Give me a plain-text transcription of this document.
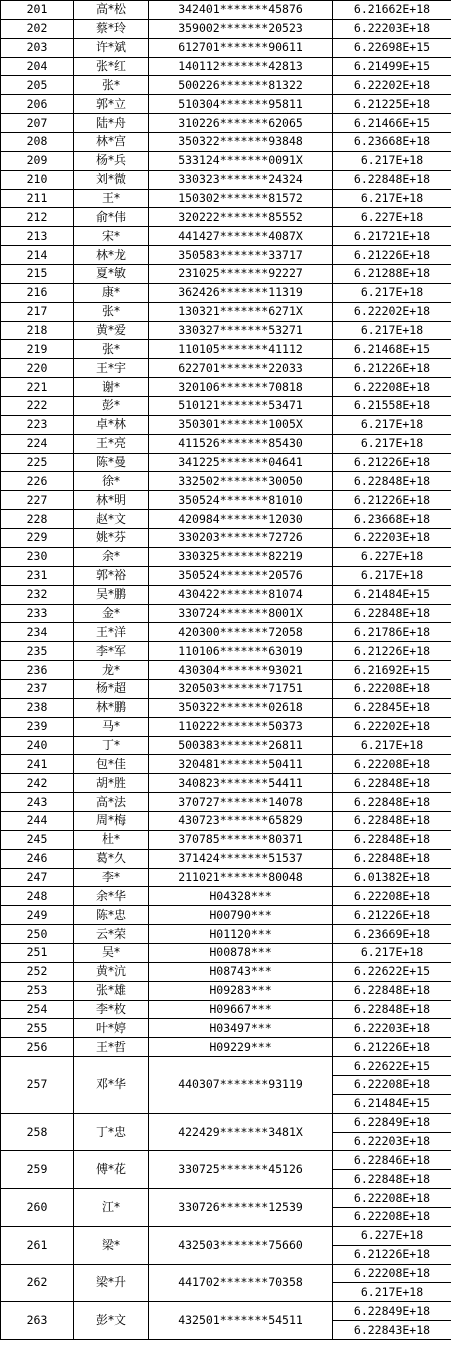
201	高*松	342401*******45876	6.21662E+18
202	蔡*玲	359002*******20523	6.22203E+18
203	许*斌	612701*******90611	6.22698E+15
204	张*红	140112*******42813	6.21499E+15
205	张*	500226*******81322	6.22202E+18
206	郭*立	510304*******95811	6.21225E+18
207	陆*舟	310226*******62065	6.21466E+15
208	林*宫	350322*******93848	6.23668E+18
209	杨*兵	533124*******0091X	6.217E+18
210	刘*微	330323*******24324	6.22848E+18
211	王*	150302*******81572	6.217E+18
212	俞*伟	320222*******85552	6.227E+18
213	宋*	441427*******4087X	6.21721E+18
214	林*龙	350583*******33717	6.21226E+18
215	夏*敏	231025*******92227	6.21288E+18
216	康*	362426*******11319	6.217E+18
217	张*	130321*******6271X	6.22202E+18
218	黄*爱	330327*******53271	6.217E+18
219	张*	110105*******41112	6.21468E+15
220	王*宇	622701*******22033	6.21226E+18
221	谢*	320106*******70818	6.22208E+18
222	彭*	510121*******53471	6.21558E+18
223	卓*林	350301*******1005X	6.217E+18
224	王*亮	411526*******85430	6.217E+18
225	陈*曼	341225*******04641	6.21226E+18
226	徐*	332502*******30050	6.22848E+18
227	林*明	350524*******81010	6.21226E+18
228	赵*文	420984*******12030	6.23668E+18
229	姚*芬	330203*******72726	6.22203E+18
230	余*	330325*******82219	6.227E+18
231	郭*裕	350524*******20576	6.217E+18
232	吴*鹏	430422*******81074	6.21484E+15
233	金*	330724*******8001X	6.22848E+18
234	王*洋	420300*******72058	6.21786E+18
235	李*军	110106*******63019	6.21226E+18
236	龙*	430304*******93021	6.21692E+15
237	杨*超	320503*******71751	6.22208E+18
238	林*鹏	350322*******02618	6.22845E+18
239	马*	110222*******50373	6.22202E+18
240	丁*	500383*******26811	6.217E+18
241	包*佳	320481*******50411	6.22208E+18
242	胡*胜	340823*******54411	6.22848E+18
243	高*法	370727*******14078	6.22848E+18
244	周*梅	430723*******65829	6.22848E+18
245	杜*	370785*******80371	6.22848E+18
246	葛*久	371424*******51537	6.22848E+18
247	李*	211021*******80048	6.01382E+18
248	余*华	H04328***	6.22208E+18
249	陈*忠	H00790***	6.21226E+18
250	云*荣	H01120***	6.23669E+18
251	吴*	H00878***	6.217E+18
252	黄*沆	H08743***	6.22622E+15
253	张*雄	H09283***	6.22848E+18
254	李*枚	H09667***	6.22848E+18
255	叶*婷	H03497***	6.22203E+18
256	王*哲	H09229***	6.21226E+18
257	邓*华	440307*******93119	6.22622E+15
			6.22208E+18
			6.21484E+15
258	丁*忠	422429*******3481X	6.22849E+18
			6.22203E+18
259	傅*花	330725*******45126	6.22846E+18
			6.22848E+18
260	江*	330726*******12539	6.22208E+18
			6.22208E+18
261	梁*	432503*******75660	6.227E+18
			6.21226E+18
262	梁*升	441702*******70358	6.22208E+18
			6.217E+18
263	彭*文	432501*******54511	6.22849E+18
			6.22843E+18
